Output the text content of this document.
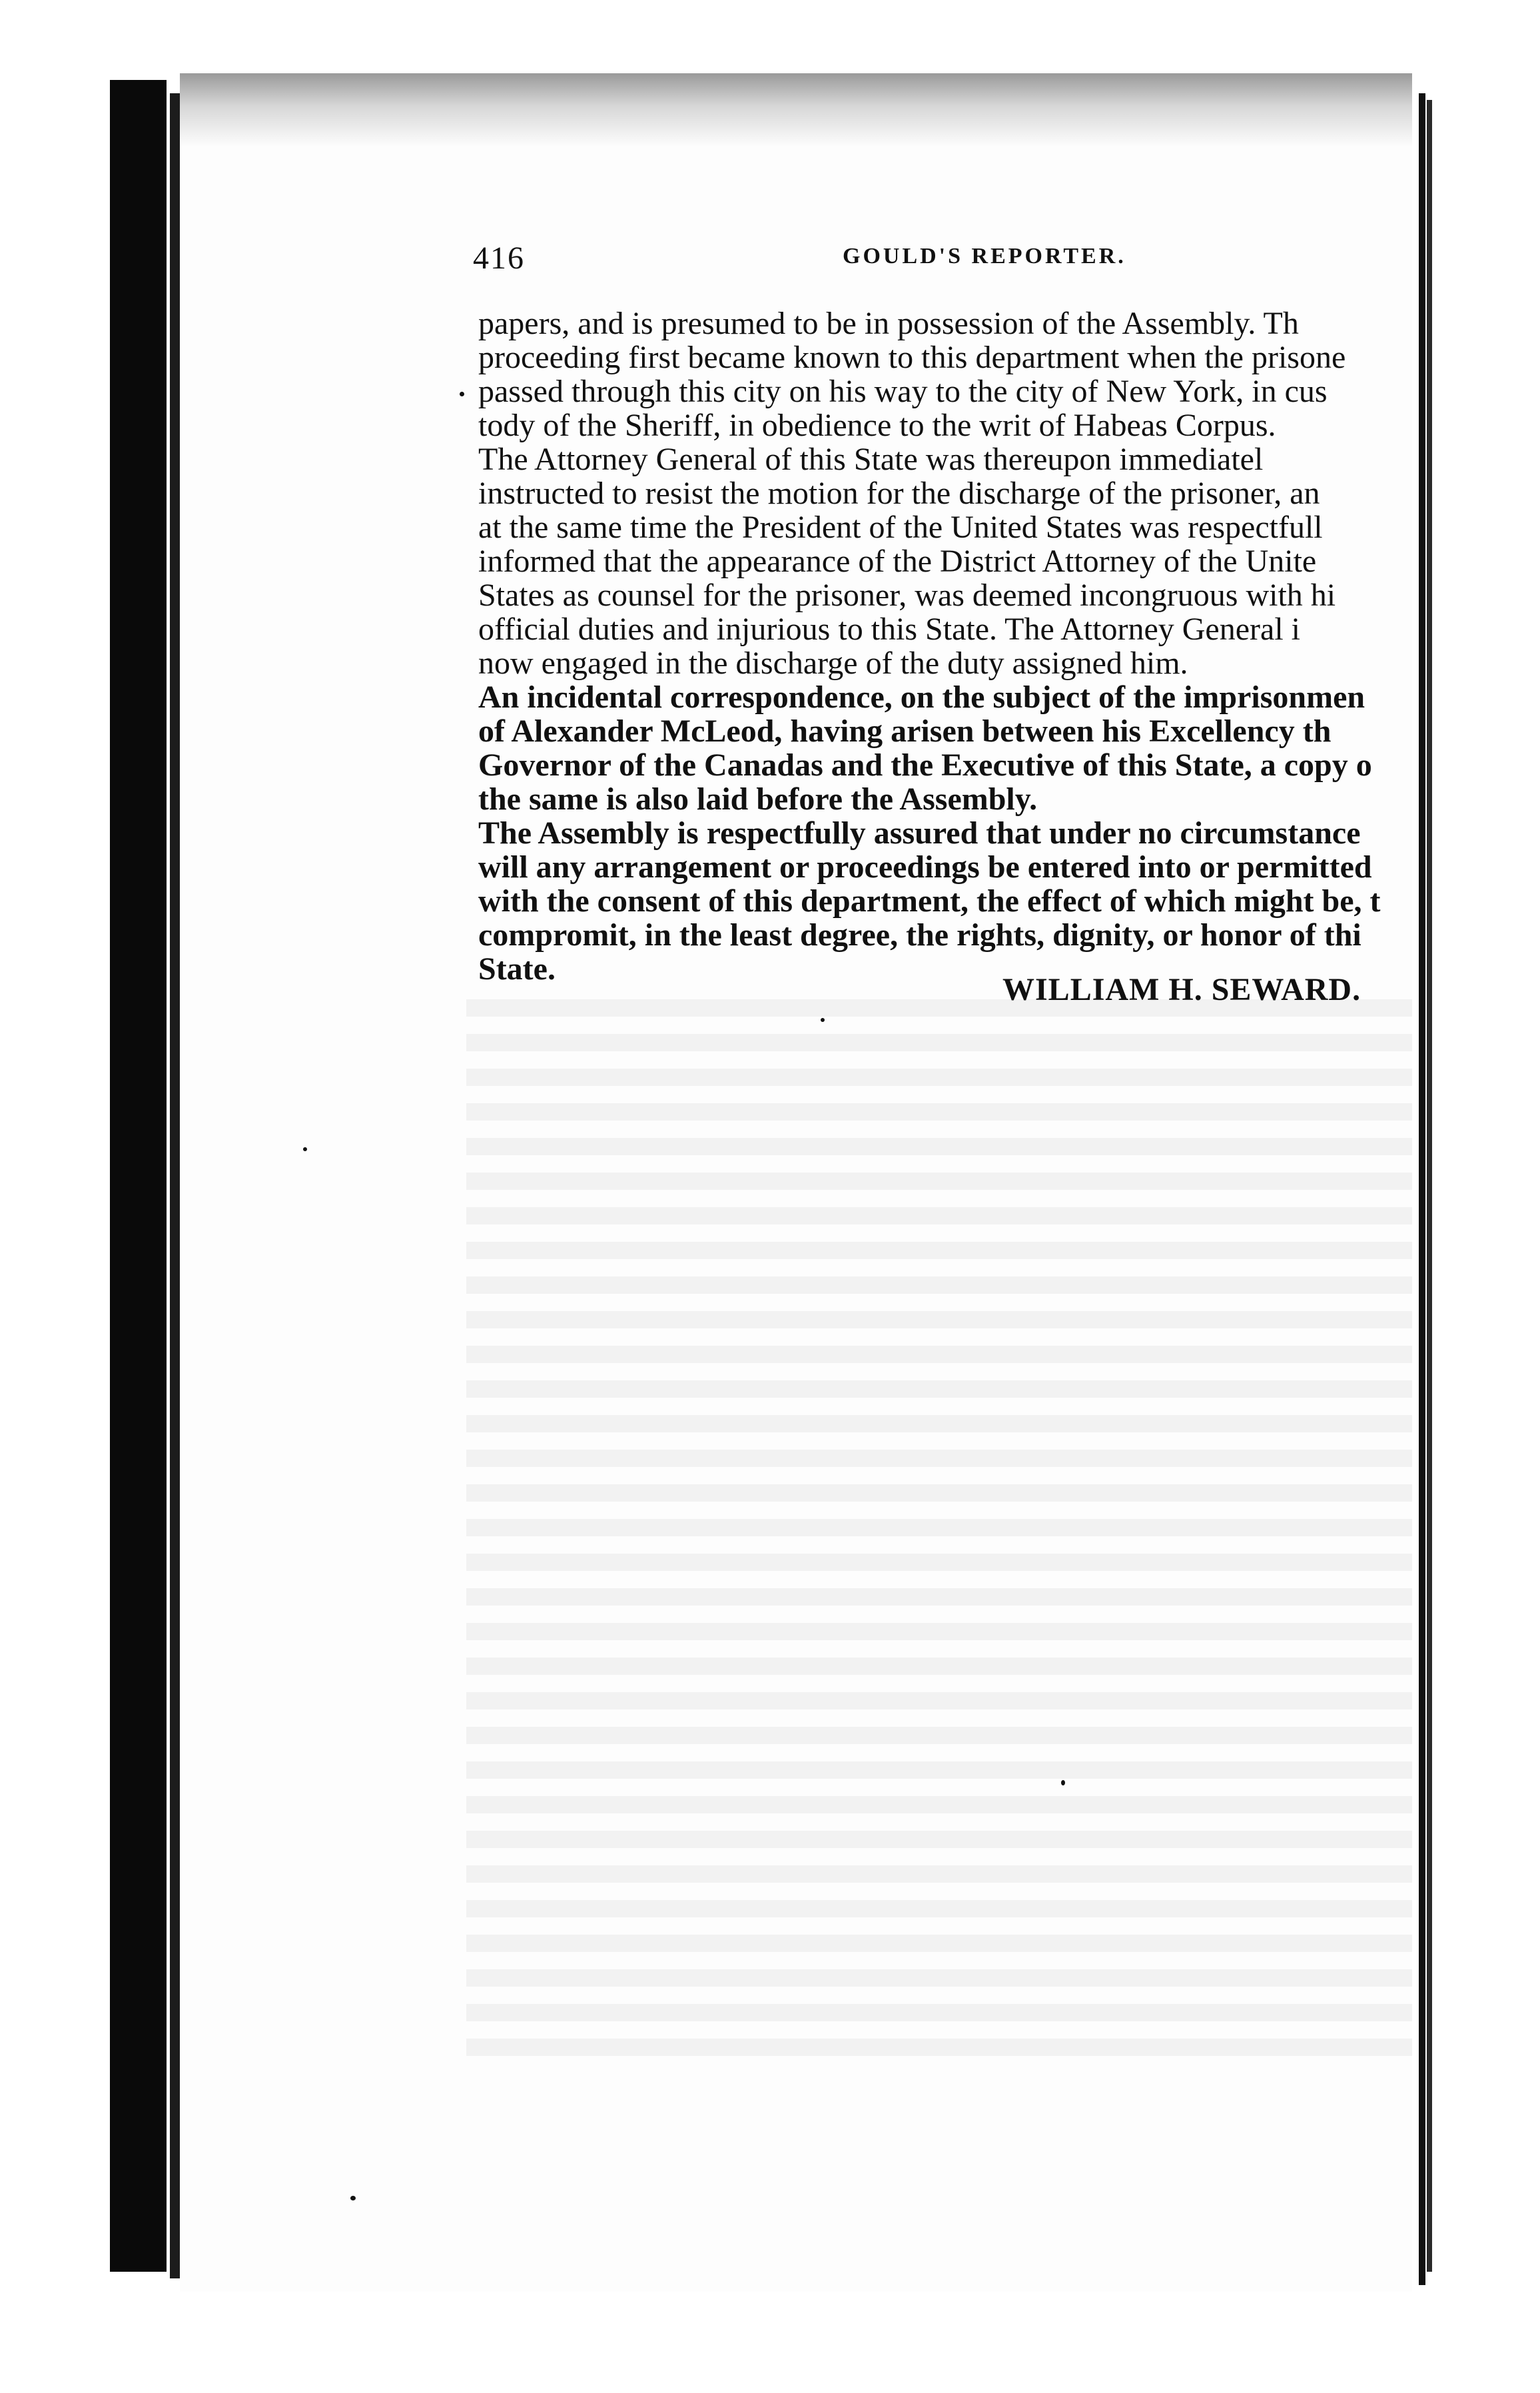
416	GOULD'S REPORTER.
papers, and is presumed to be in possession of the Assembly. Th
proceeding first became known to this department when the prisone
passed through this city on his way to the city of New York, in cus
tody of the Sheriff, in obedience to the writ of Habeas Corpus.
The Attorney General of this State was thereupon immediatel
instructed to resist the motion for the discharge of the prisoner, an
at the same time the President of the United States was respectfull
informed that the appearance of the District Attorney of the Unite
States as counsel for the prisoner, was deemed incongruous with hi
official duties and injurious to this State. The Attorney General i
now engaged in the discharge of the duty assigned him.
An incidental correspondence, on the subject of the imprisonmen
of Alexander McLeod, having arisen between his Excellency th
Governor of the Canadas and the Executive of this State, a copy o
the same is also laid before the Assembly.
The Assembly is respectfully assured that under no circumstance
will any arrangement or proceedings be entered into or permitted
with the consent of this department, the effect of which might be, t
compromit, in the least degree, the rights, dignity, or honor of thi
State.
WILLIAM H. SEWARD.
